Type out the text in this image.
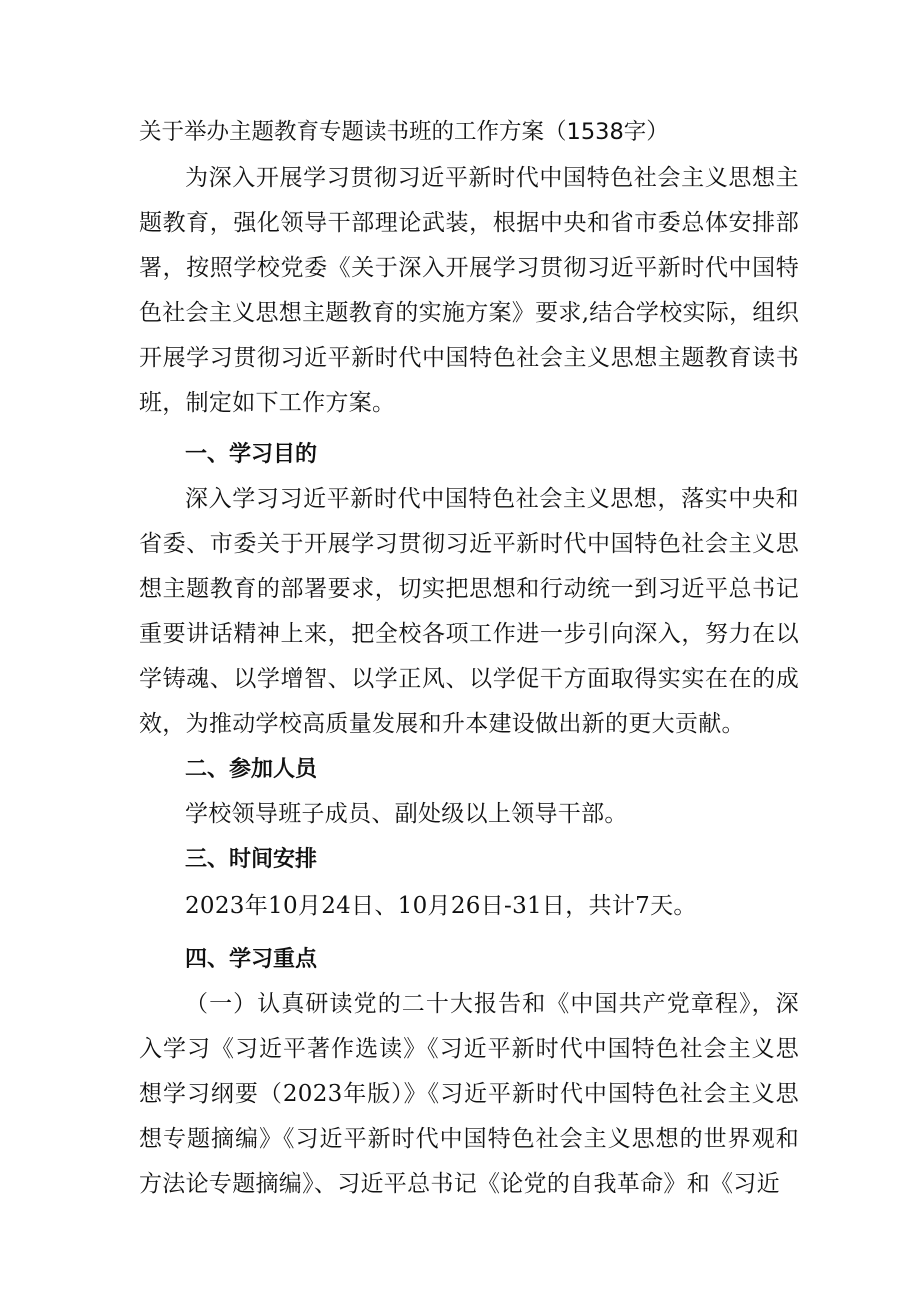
关于举办主题教育专题读书班的工作方案（1538字）

为深入开展学习贯彻习近平新时代中国特色社会主义思想主题教育，强化领导干部理论武装，根据中央和省市委总体安排部署，按照学校党委《关于深入开展学习贯彻习近平新时代中国特色社会主义思想主题教育的实施方案》要求,结合学校实际，组织开展学习贯彻习近平新时代中国特色社会主义思想主题教育读书班，制定如下工作方案。

一、学习目的

深入学习习近平新时代中国特色社会主义思想，落实中央和省委、市委关于开展学习贯彻习近平新时代中国特色社会主义思想主题教育的部署要求，切实把思想和行动统一到习近平总书记重要讲话精神上来，把全校各项工作进一步引向深入，努力在以学铸魂、以学增智、以学正风、以学促干方面取得实实在在的成效，为推动学校高质量发展和升本建设做出新的更大贡献。

二、参加人员

学校领导班子成员、副处级以上领导干部。

三、时间安排

2023年10月24日、10月26日-31日，共计7天。

四、学习重点

（一）认真研读党的二十大报告和《中国共产党章程》，深入学习《习近平著作选读》《习近平新时代中国特色社会主义思想学习纲要（2023年版）》《习近平新时代中国特色社会主义思想专题摘编》《习近平新时代中国特色社会主义思想的世界观和方法论专题摘编》、习近平总书记《论党的自我革命》和《习近
